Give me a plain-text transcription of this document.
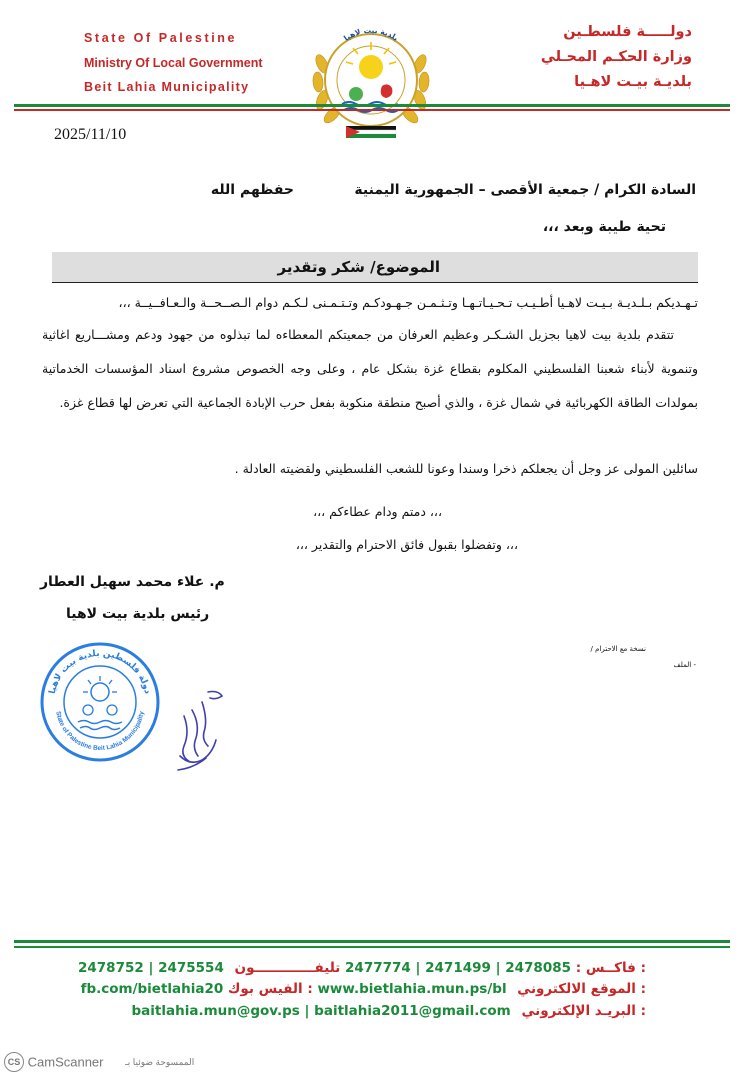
State Of Palestine
Ministry Of Local Government
Beit Lahia Municipality
دولـــــة فلسطـين
وزارة الحكـم المحـلي
بلديـة بيـت لاهـيا
بلدية بيت لاهيا
2025/11/10
السادة الكرام / جمعية الأقصى – الجمهورية اليمنية
حفظهم الله
تحية طيبة وبعد ،،،
الموضوع/ شكر وتقدير
تـهـديكم بـلـديـة بـيـت لاهـيا أطـيـب تـحـيـاتـهـا وتـثـمـن جـهـودكـم وتـتـمـنى لـكـم دوام الـصــحــة والـعـافــيــة ،،،
تتقدم بلدية بيت لاهيا بجزيل الشـكـر وعظيم العرفان من جمعيتكم المعطاءه لما تبذلوه من جهود ودعم ومشـــاريع اغاثية وتنموية لأبناء شعبنا الفلسطيني المكلوم بقطاع غزة بشكل عام ، وعلى وجه الخصوص مشروع اسناد المؤسسات الخدماتية بمولدات الطاقة الكهربائية في شمال غزة ، والذي أصبح منطقة منكوبة بفعل حرب الإبادة الجماعية التي تعرض لها قطاع غزة.
سائلين المولى عز وجل أن يجعلكم ذخرا وسندا وعونا للشعب الفلسطيني ولقضيته العادلة .
،،، دمتم ودام عطاءكم ،،،
،،، وتفضلوا بقبول فائق الاحترام والتقدير ،،،
م. علاء محمد سهيل العطار
رئيس بلدية بيت لاهيا
نسخة مع الاحترام /
- الملف
دولة فلسطين بلدية بيت لاهيا
State of Palestine Beit Lahia Municipality
2478752 | 2475554	فاكــس : 2478085 | 2471499 | 2477774 تليفـــــــــــــون :
fb.com/bietlahia20 الفيس بوك : www.bietlahia.mun.ps/bl الموقع الالكتروني :
baitlahia.mun@gov.ps | baitlahia2011@gmail.com البريـد الإلكتروني :
CS CamScanner الممسوحة ضوئيا بـ
